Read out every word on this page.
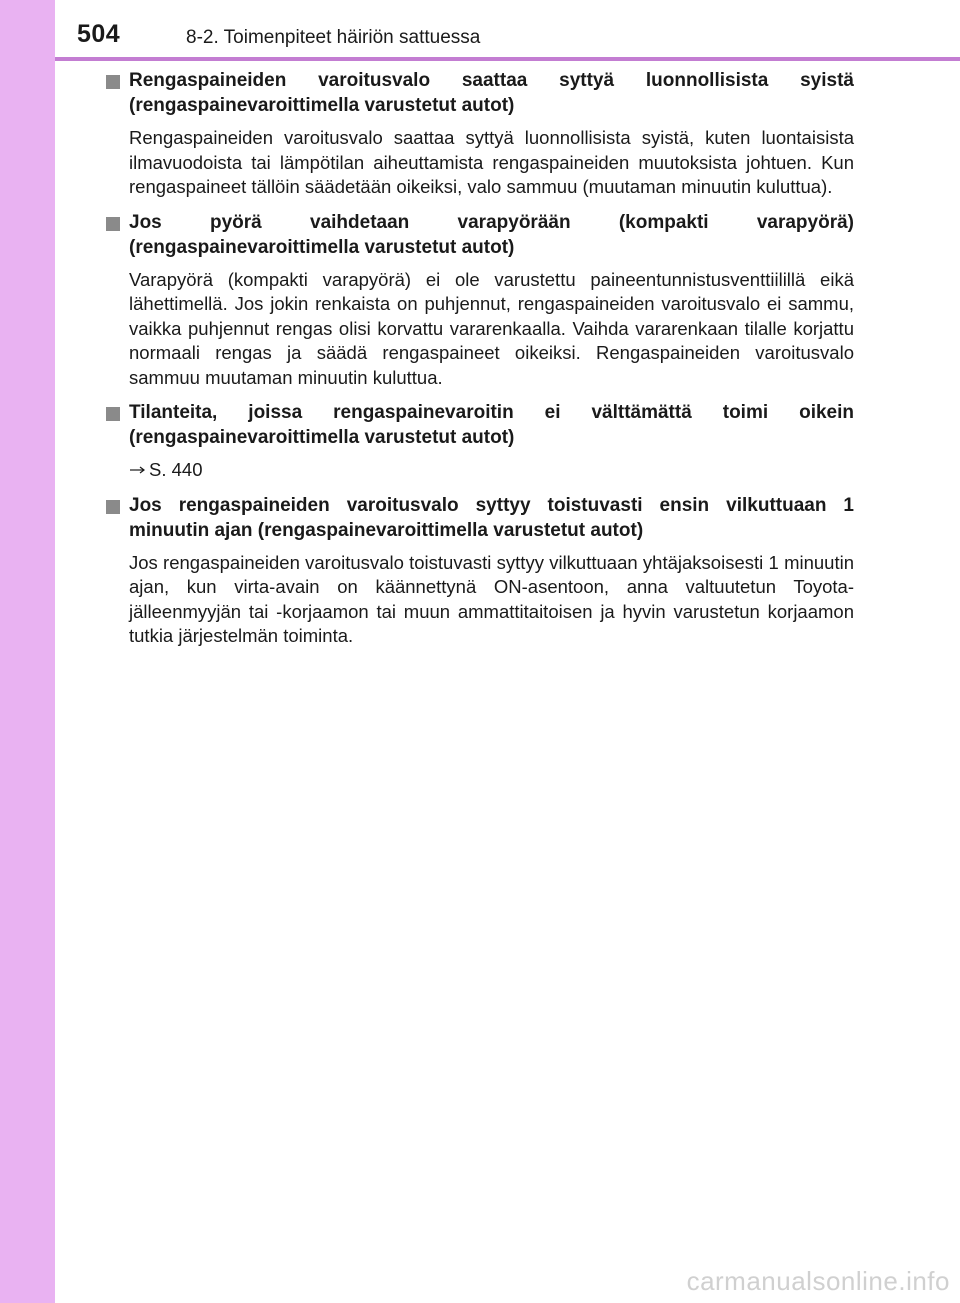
504	8-2. Toimenpiteet häiriön sattuessa
Rengaspaineiden varoitusvalo saattaa syttyä luonnollisista syistä (rengaspainevaroittimella varustetut autot)
Rengaspaineiden varoitusvalo saattaa syttyä luonnollisista syistä, kuten luontaisista ilmavuodoista tai lämpötilan aiheuttamista rengaspaineiden muutoksista johtuen. Kun rengaspaineet tällöin säädetään oikeiksi, valo sammuu (muutaman minuutin kuluttua).
Jos pyörä vaihdetaan varapyörään (kompakti varapyörä) (rengaspainevaroittimella varustetut autot)
Varapyörä (kompakti varapyörä) ei ole varustettu paineentunnistusventtiilillä eikä lähettimellä. Jos jokin renkaista on puhjennut, rengaspaineiden varoitusvalo ei sammu, vaikka puhjennut rengas olisi korvattu vararenkaalla. Vaihda vararenkaan tilalle korjattu normaali rengas ja säädä rengaspaineet oikeiksi. Rengaspaineiden varoitusvalo sammuu muutaman minuutin kuluttua.
Tilanteita, joissa rengaspainevaroitin ei välttämättä toimi oikein (rengaspainevaroittimella varustetut autot)
S. 440
Jos rengaspaineiden varoitusvalo syttyy toistuvasti ensin vilkuttuaan 1 minuutin ajan (rengaspainevaroittimella varustetut autot)
Jos rengaspaineiden varoitusvalo toistuvasti syttyy vilkuttuaan yhtäjaksoisesti 1 minuutin ajan, kun virta-avain on käännettynä ON-asentoon, anna valtuutetun Toyota-jälleenmyyjän tai -korjaamon tai muun ammattitaitoisen ja hyvin varustetun korjaamon tutkia järjestelmän toiminta.
carmanualsonline.info
